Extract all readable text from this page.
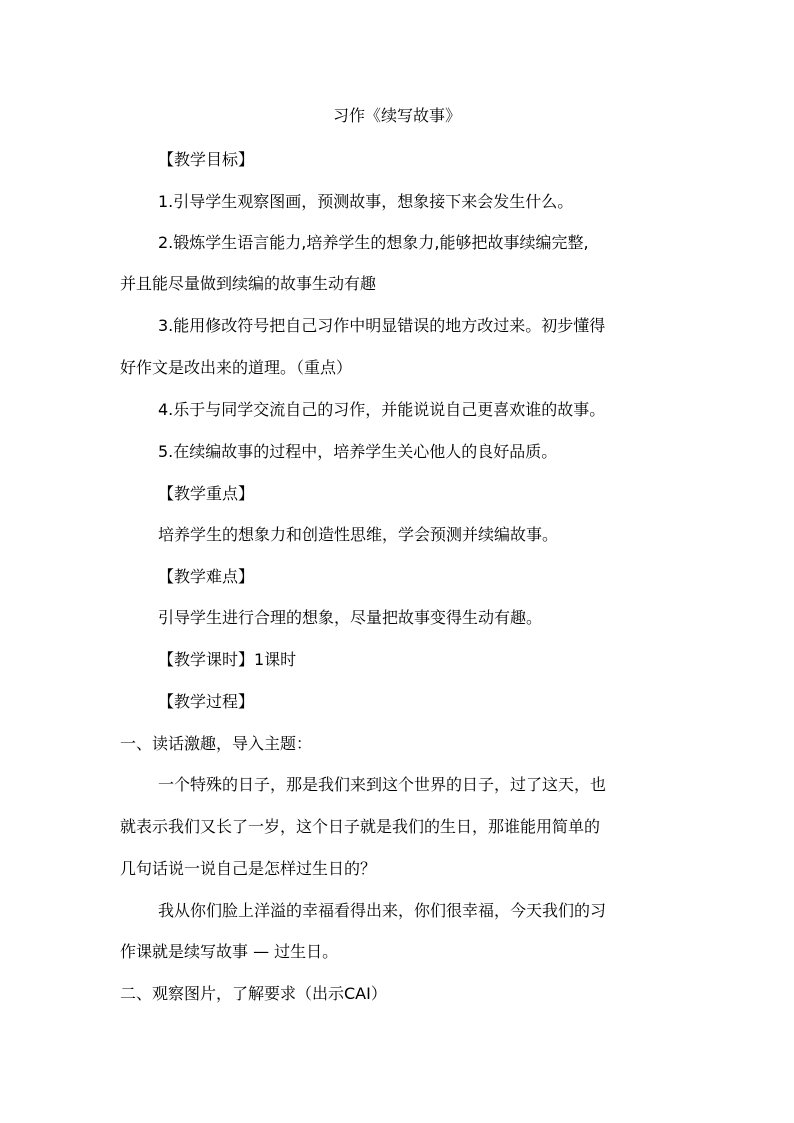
习作《续写故事》
【教学目标】
1.引导学生观察图画，预测故事，想象接下来会发生什么。
2.锻炼学生语言能力,培养学生的想象力,能够把故事续编完整,
并且能尽量做到续编的故事生动有趣
3.能用修改符号把自己习作中明显错误的地方改过来。初步懂得
好作文是改出来的道理。（重点）
4.乐于与同学交流自己的习作，并能说说自己更喜欢谁的故事。
5.在续编故事的过程中，培养学生关心他人的良好品质。
【教学重点】
培养学生的想象力和创造性思维，学会预测并续编故事。
【教学难点】
引导学生进行合理的想象，尽量把故事变得生动有趣。
【教学课时】1课时
【教学过程】
一、读话激趣，导入主题：
一个特殊的日子，那是我们来到这个世界的日子，过了这天，也
就表示我们又长了一岁，这个日子就是我们的生日，那谁能用简单的
几句话说一说自己是怎样过生日的？
我从你们脸上洋溢的幸福看得出来，你们很幸福，今天我们的习
作课就是续写故事 — 过生日。
二、观察图片，了解要求（出示CAI）
